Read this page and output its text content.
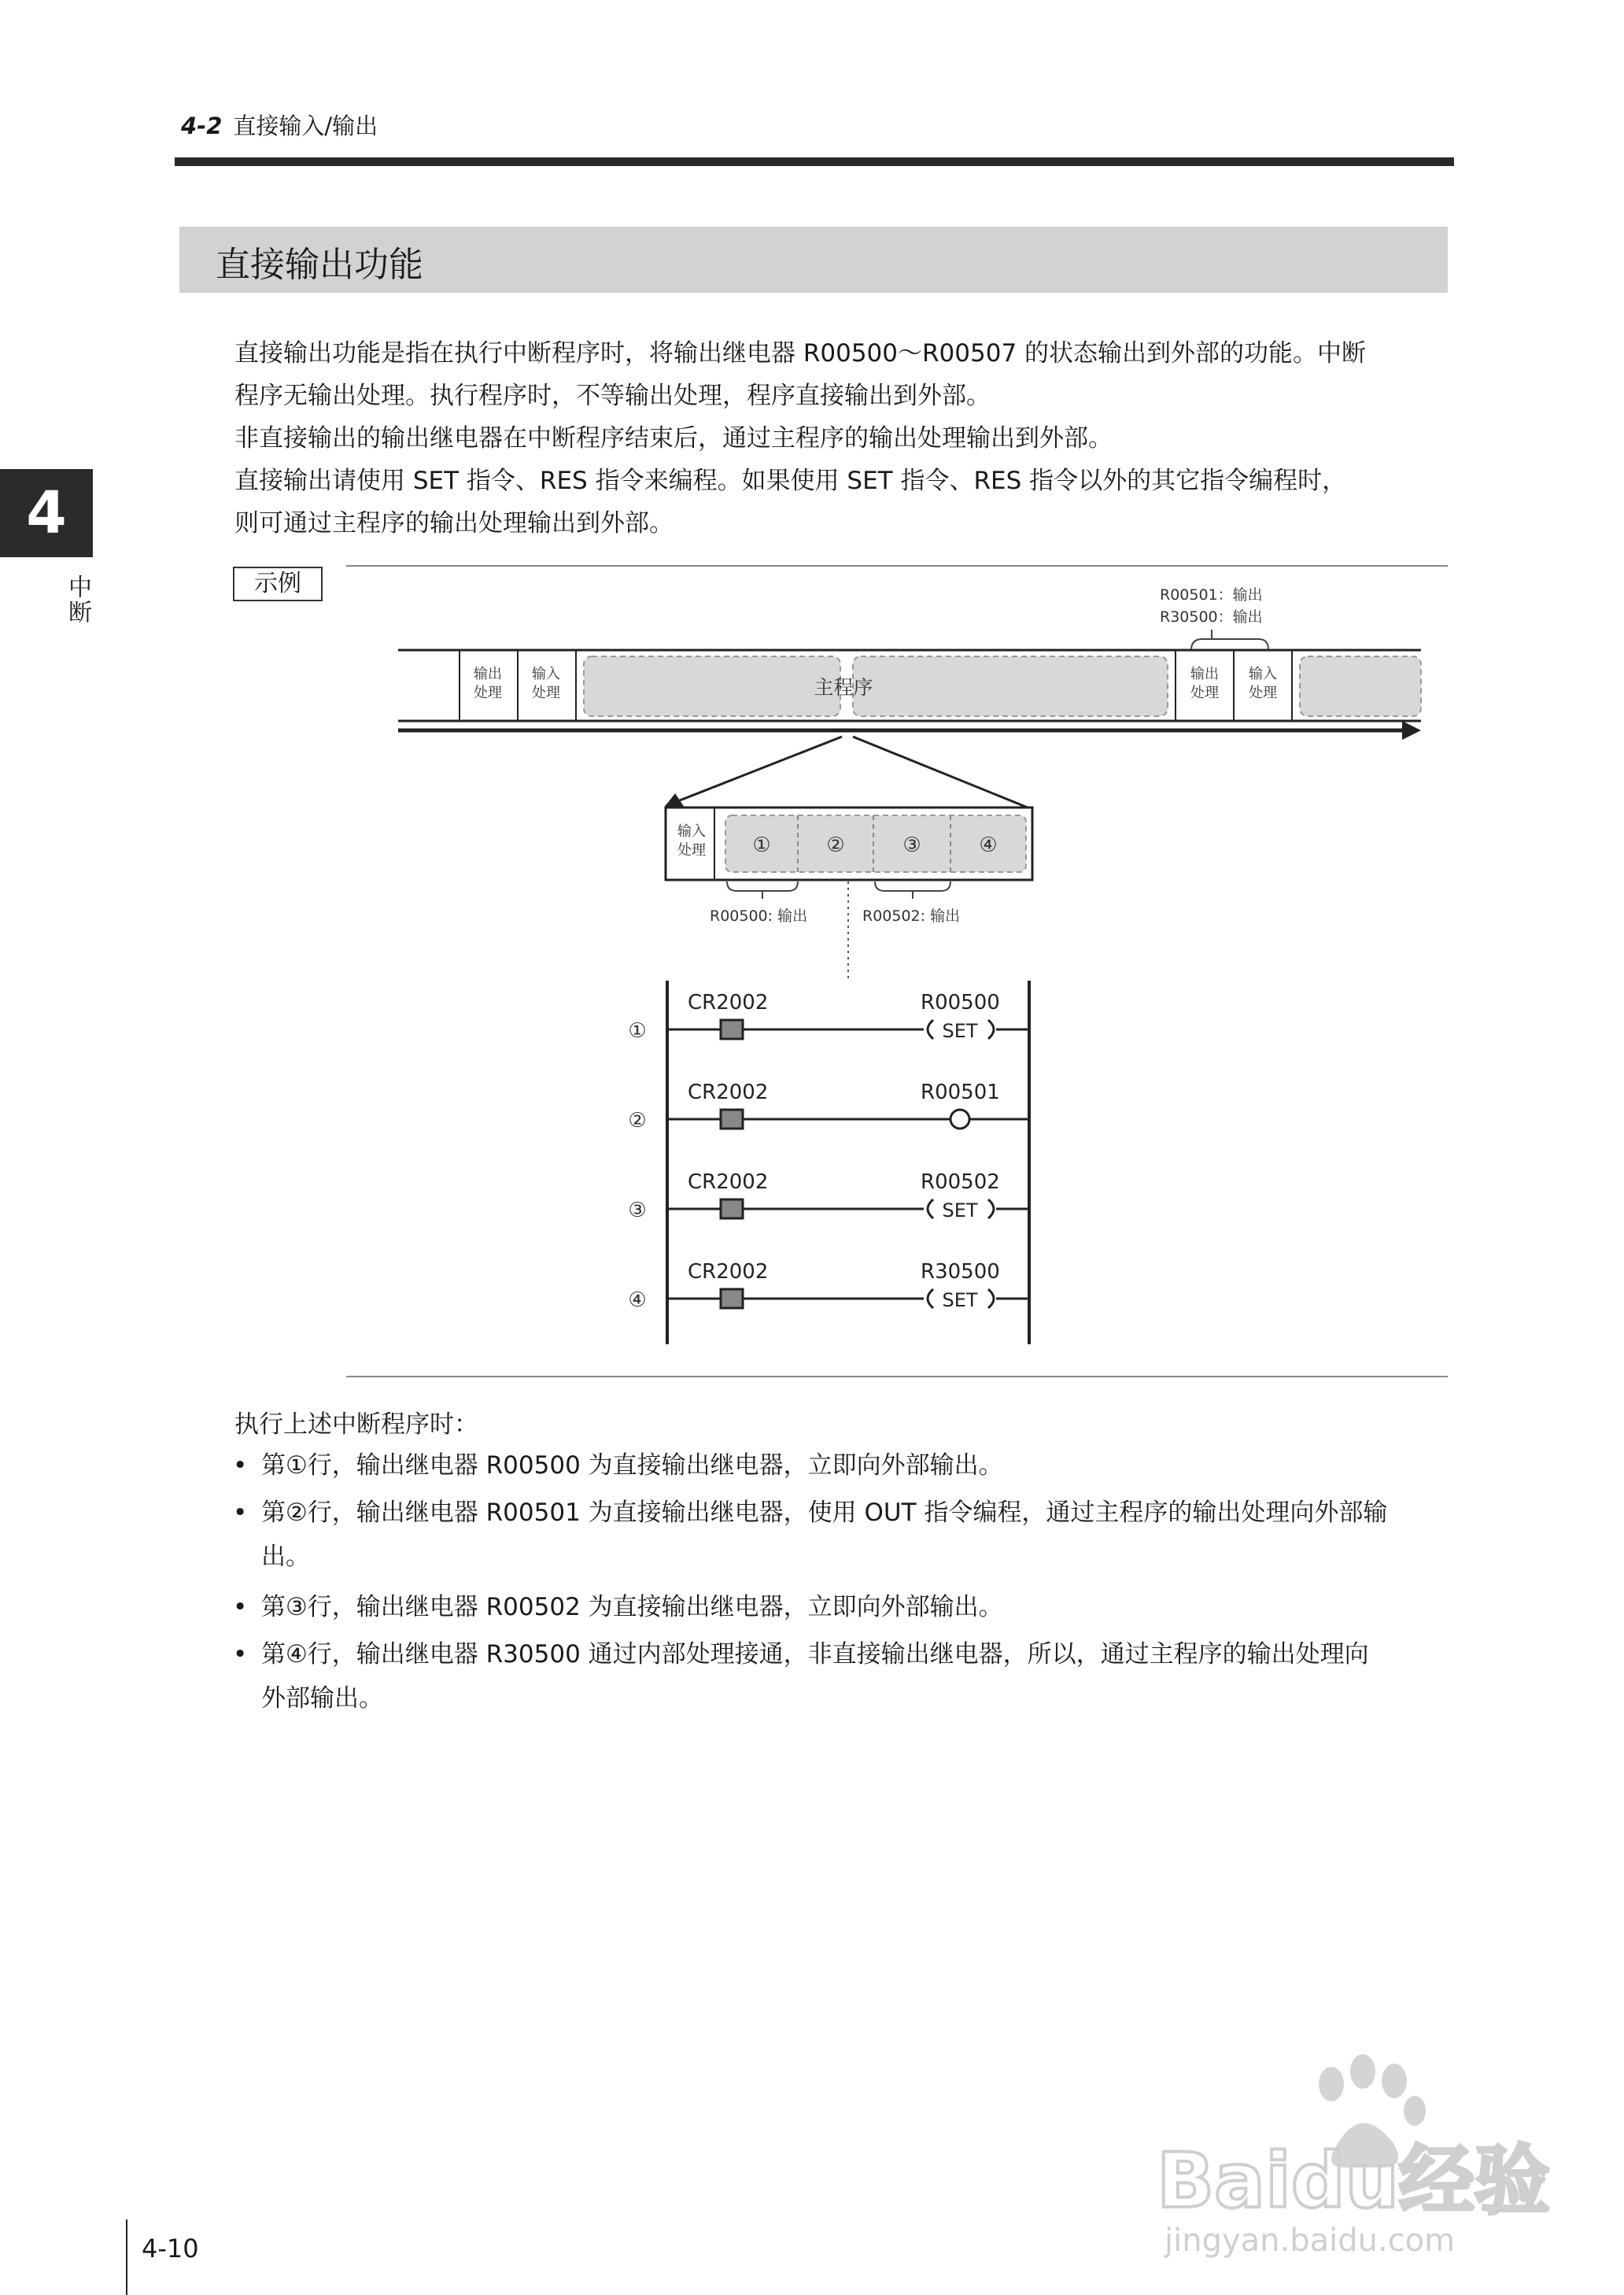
4-2 直接输入/输出
4
中断
直接输出功能
直接输出功能是指在执行中断程序时，将输出继电器 R00500～R00507 的状态输出到外部的功能。中断
程序无输出处理。执行程序时，不等输出处理，程序直接输出到外部。
非直接输出的输出继电器在中断程序结束后，通过主程序的输出处理输出到外部。
直接输出请使用 SET 指令、RES 指令来编程。如果使用 SET 指令、RES 指令以外的其它指令编程时，
则可通过主程序的输出处理输出到外部。
示例	R00501：输出
R30500：输出
输出
处理
输入
处理
输出
处理
输入
处理
主程序
输入
处理 ①	②	③	④
R00500: 输出	R00502: 输出
①
CR2002	R00500
SET
②
CR2002	R00501
③
CR2002	R00502
SET
④
CR2002	R30500
SET
执行上述中断程序时：
• 第①行，输出继电器 R00500 为直接输出继电器，立即向外部输出。
• 第②行，输出继电器 R00501 为直接输出继电器，使用 OUT 指令编程，通过主程序的输出处理向外部输
出。
• 第③行，输出继电器 R00502 为直接输出继电器，立即向外部输出。
• 第④行，输出继电器 R30500 通过内部处理接通，非直接输出继电器，所以，通过主程序的输出处理向
外部输出。
4-10
Baidu经验
jingyan.baidu.com
